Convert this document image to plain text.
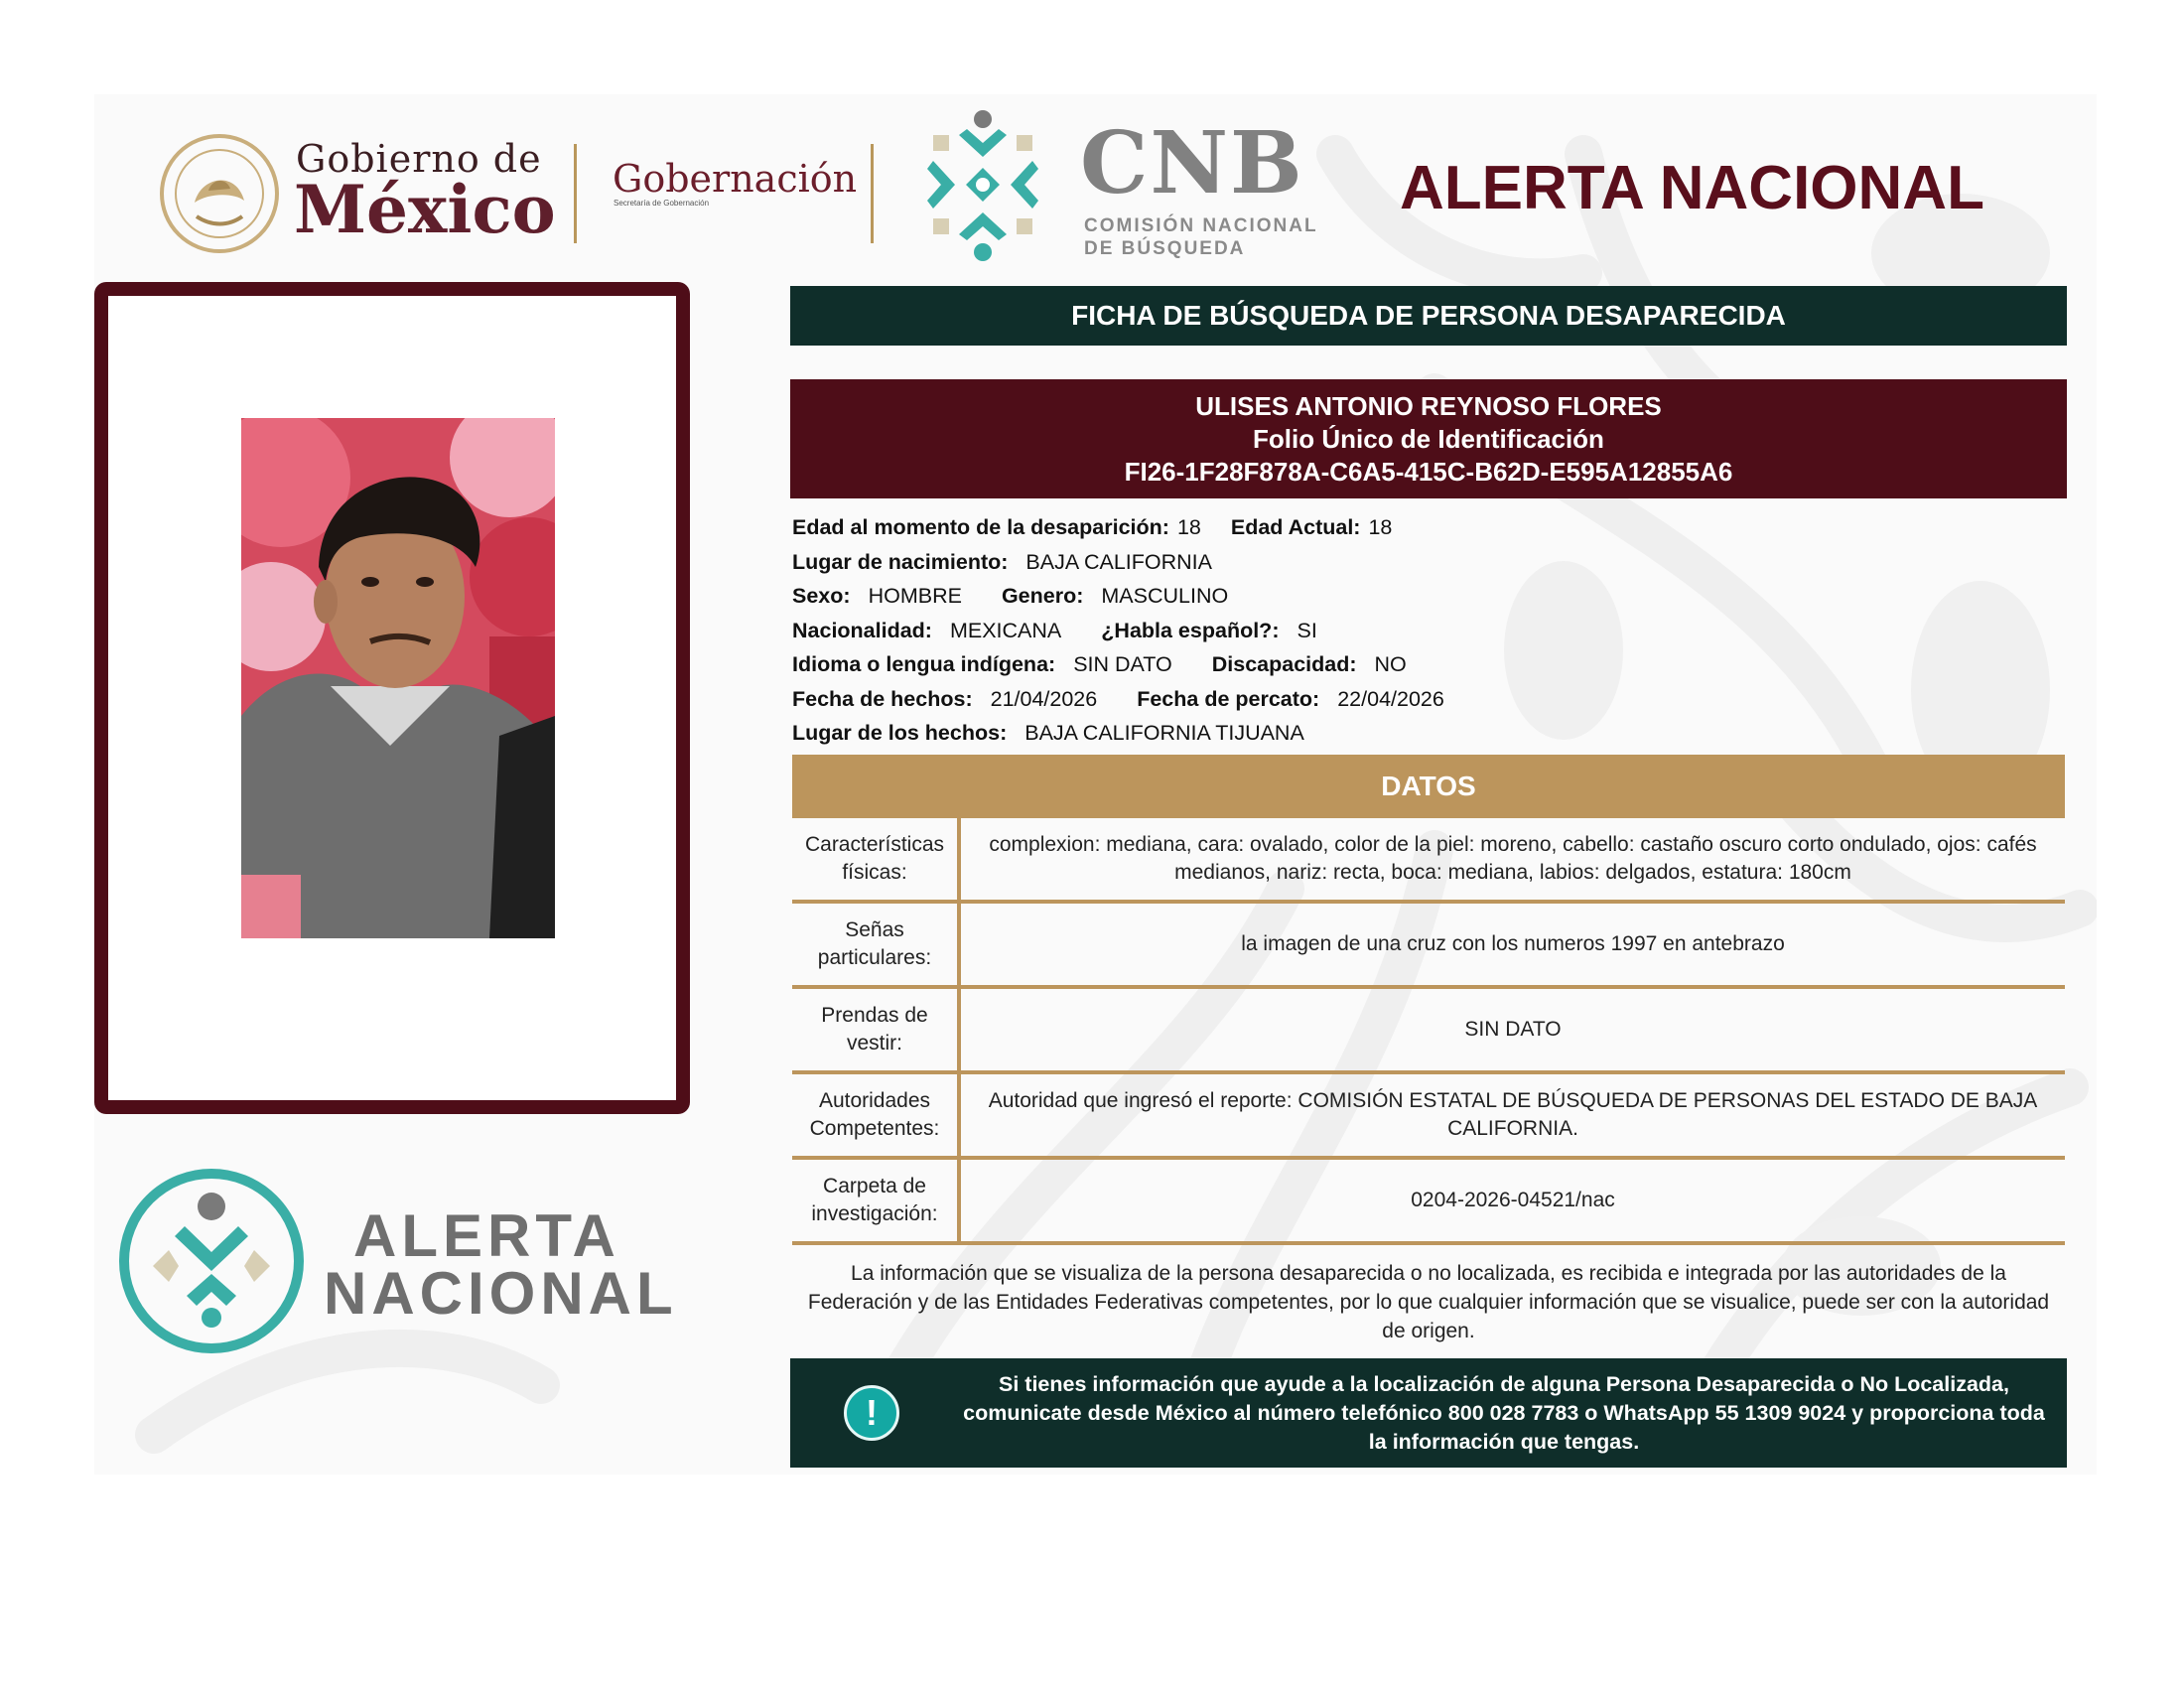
Gobierno de
México Gobernación
Secretaría de Gobernación	CNB
COMISIÓN NACIONAL
DE BÚSQUEDA
ALERTA NACIONAL
ALERTA
NACIONAL
FICHA DE BÚSQUEDA DE PERSONA DESAPARECIDA
ULISES ANTONIO REYNOSO FLORES
Folio Único de Identificación
FI26-1F28F878A-C6A5-415C-B62D-E595A12855A6
Edad al momento de la desaparición: 18 Edad Actual: 18
Lugar de nacimiento: BAJA CALIFORNIA
Sexo: HOMBRE Genero: MASCULINO
Nacionalidad: MEXICANA ¿Habla español?: SI
Idioma o lengua indígena: SIN DATO Discapacidad: NO
Fecha de hechos: 21/04/2026 Fecha de percato: 22/04/2026
Lugar de los hechos: BAJA CALIFORNIA TIJUANA
DATOS
Características físicas:
complexion: mediana, cara: ovalado, color de la piel: moreno, cabello: castaño oscuro corto ondulado, ojos: cafés medianos, nariz: recta, boca: mediana, labios: delgados, estatura: 180cm
Señas particulares:
la imagen de una cruz con los numeros 1997 en antebrazo
Prendas de vestir:
SIN DATO
Autoridades Competentes:
Autoridad que ingresó el reporte: COMISIÓN ESTATAL DE BÚSQUEDA DE PERSONAS DEL ESTADO DE BAJA CALIFORNIA.
Carpeta de investigación:
0204-2026-04521/nac
La información que se visualiza de la persona desaparecida o no localizada, es recibida e integrada por las autoridades de la Federación y de las Entidades Federativas competentes, por lo que cualquier información que se visualice, puede ser con la autoridad de origen.
!
Si tienes información que ayude a la localización de alguna Persona Desaparecida o No Localizada, comunicate desde México al número telefónico 800 028 7783 o WhatsApp 55 1309 9024 y proporciona toda la información que tengas.
